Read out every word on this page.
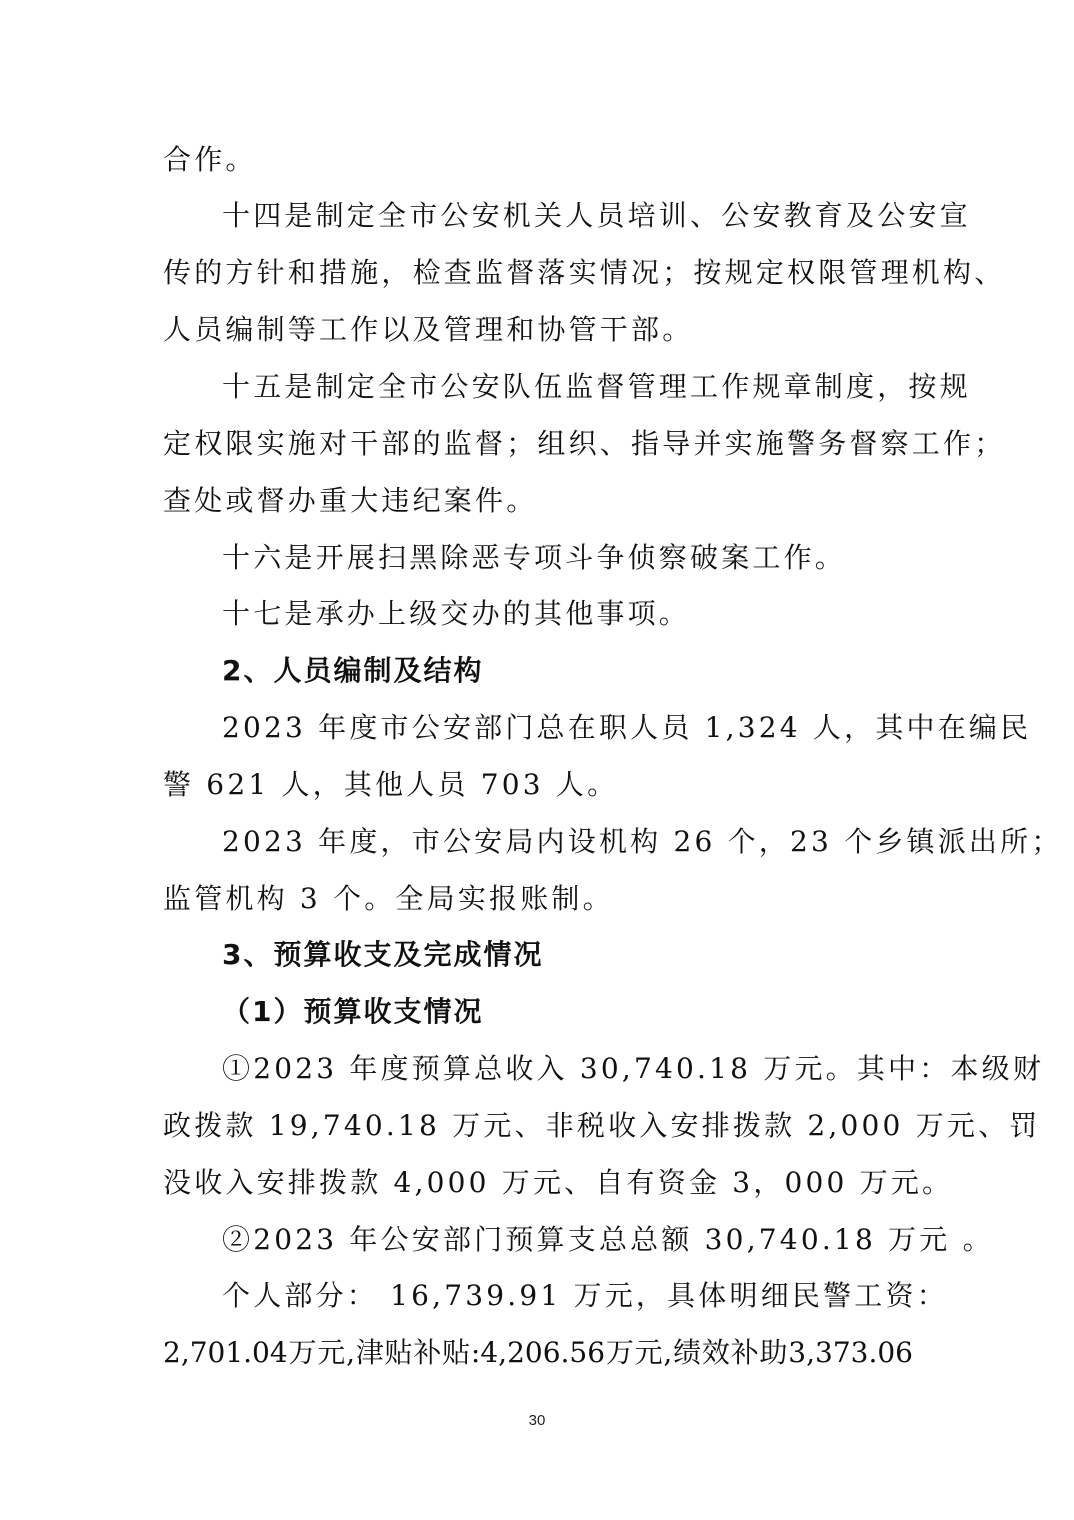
合作。
十四是制定全市公安机关人员培训、公安教育及公安宣
传的方针和措施，检查监督落实情况；按规定权限管理机构、
人员编制等工作以及管理和协管干部。
十五是制定全市公安队伍监督管理工作规章制度，按规
定权限实施对干部的监督；组织、指导并实施警务督察工作；
查处或督办重大违纪案件。
十六是开展扫黑除恶专项斗争侦察破案工作。
十七是承办上级交办的其他事项。
2、人员编制及结构
2023 年度市公安部门总在职人员 1,324 人，其中在编民
警 621 人，其他人员 703 人。
2023 年度，市公安局内设机构 26 个，23 个乡镇派出所；
监管机构 3 个。全局实报账制。
3、预算收支及完成情况
（1）预算收支情况
①2023 年度预算总收入 30,740.18 万元。其中：本级财
政拨款 19,740.18 万元、非税收入安排拨款 2,000 万元、罚
没收入安排拨款 4,000 万元、自有资金 3，000 万元。
②2023 年公安部门预算支总总额 30,740.18 万元 。
个人部分： 16,739.91 万元，具体明细民警工资：
2,701.04万元,津贴补贴:4,206.56万元,绩效补助3,373.06
30
